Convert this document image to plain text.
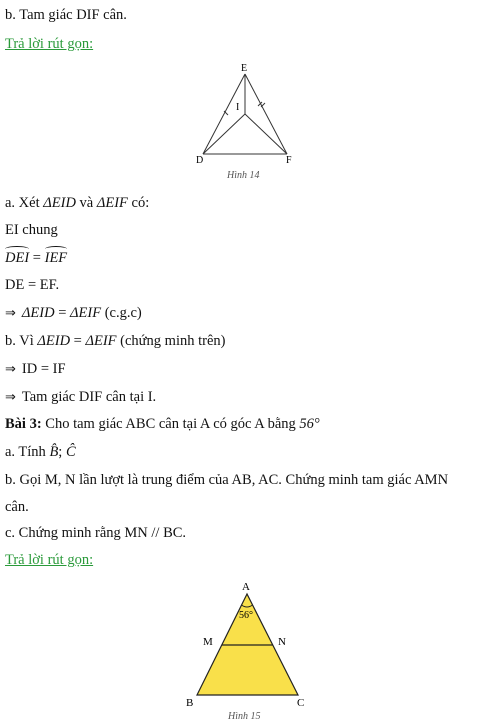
b. Tam giác DIF cân.
Trả lời rút gọn:
E
I
D	F
Hình 14
a. Xét ΔEID và ΔEIF có:
EI chung
DEI = IEF
DE = EF.
⇒ ΔEID = ΔEIF (c.g.c)
b. Vì ΔEID = ΔEIF (chứng minh trên)
⇒ ID = IF
⇒ Tam giác DIF cân tại I.
Bài 3: Cho tam giác ABC cân tại A có góc A bằng 56°
a. Tính B̂; Ĉ
b. Gọi M, N lần lượt là trung điểm của AB, AC. Chứng minh tam giác AMN
cân.
c. Chứng minh rằng MN // BC.
Trả lời rút gọn:
A
56°
M	N
B	C
Hình 15
